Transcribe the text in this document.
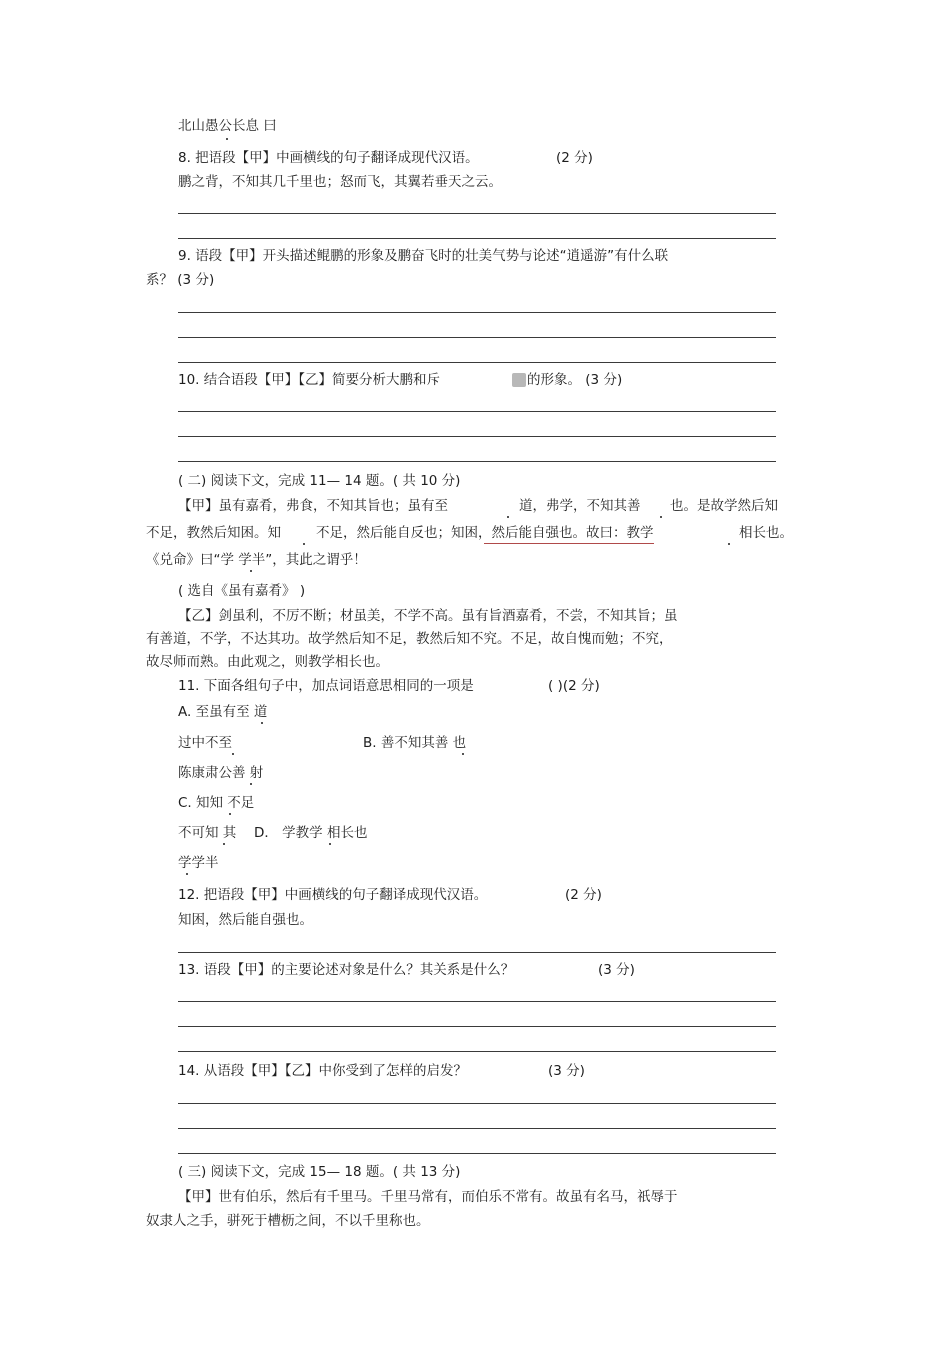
北山愚公长息 曰
8. 把语段【甲】中画横线的句子翻译成现代汉语。	(2 分)
鹏之背，不知其几千里也；怒而飞，其翼若垂天之云。
9. 语段【甲】开头描述鲲鹏的形象及鹏奋飞时的壮美气势与论述“逍遥游”有什么联
系？ (3 分)
10. 结合语段【甲】【乙】简要分析大鹏和斥	的形象。 (3 分)
( 二) 阅读下文，完成 11— 14 题。( 共 10 分)
【甲】虽有嘉肴，弗食，不知其旨也；虽有至	道，弗学，不知其善 也。是故学然后知
不足，教然后知困。知	不足，然后能自反也；知困，然后能自强也。故曰：教学	相长也。
《兑命》曰“学 学半”，其此之谓乎！
( 选自《虽有嘉肴》 )
【乙】剑虽利，不厉不断；材虽美，不学不高。虽有旨酒嘉肴，不尝，不知其旨；虽
有善道，不学，不达其功。故学然后知不足，教然后知不究。不足，故自愧而勉；不究，
故尽师而熟。由此观之，则教学相长也。
11. 下面各组句子中，加点词语意思相同的一项是	( )(2 分)
A. 至虽有至 道
过中不至	B. 善不知其善 也
陈康肃公善 射
C. 知知 不足
不可知 其 D． 学教学 相长也
学学半
12. 把语段【甲】中画横线的句子翻译成现代汉语。	(2 分)
知困，然后能自强也。
13. 语段【甲】的主要论述对象是什么？其关系是什么？	(3 分)
14. 从语段【甲】【乙】中你受到了怎样的启发？	(3 分)
( 三) 阅读下文，完成 15— 18 题。( 共 13 分)
【甲】世有伯乐，然后有千里马。千里马常有，而伯乐不常有。故虽有名马，祇辱于
奴隶人之手，骈死于槽枥之间，不以千里称也。
